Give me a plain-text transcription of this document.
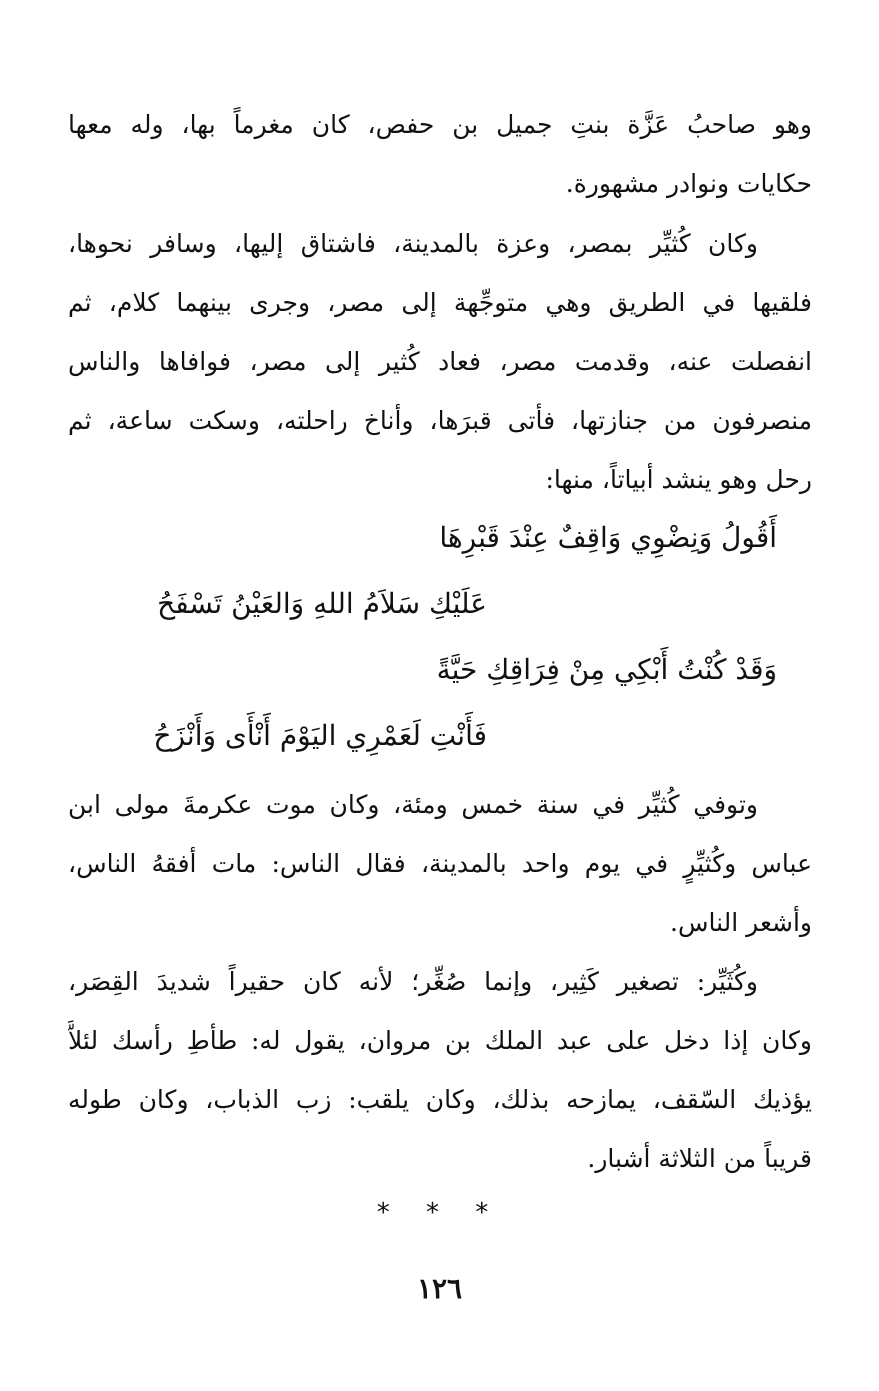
وهو صاحبُ عَزَّة بنتِ جميل بن حفص، كان مغرماً بها، وله معها
حكايات ونوادر مشهورة.
وكان كُثيِّر بمصر، وعزة بالمدينة، فاشتاق إليها، وسافر نحوها،
فلقيها في الطريق وهي متوجِّهة إلى مصر، وجرى بينهما كلام، ثم
انفصلت عنه، وقدمت مصر، فعاد كُثير إلى مصر، فوافاها والناس
منصرفون من جنازتها، فأتى قبرَها، وأناخ راحلته، وسكت ساعة، ثم
رحل وهو ينشد أبياتاً، منها:
أَقُولُ وَنِضْوِي وَاقِفٌ عِنْدَ قَبْرِهَا
عَلَيْكِ سَلاَمُ اللهِ وَالعَيْنُ تَسْفَحُ
وَقَدْ كُنْتُ أَبْكِي مِنْ فِرَاقِكِ حَيَّةً
فَأَنْتِ لَعَمْرِي اليَوْمَ أَنْأَى وَأَنْزَحُ
وتوفي كُثيِّر في سنة خمس ومئة، وكان موت عكرمةَ مولى ابن
عباس وكُثيِّرٍ في يوم واحد بالمدينة، فقال الناس: مات أفقهُ الناس،
وأشعر الناس.
وكُثَيِّر: تصغير كَثِير، وإنما صُغِّر؛ لأنه كان حقيراً شديدَ القِصَر،
وكان إذا دخل على عبد الملك بن مروان، يقول له: طأطِ رأسك لئلاَّ
يؤذيك السّقف، يمازحه بذلك، وكان يلقب: زب الذباب، وكان طوله
قريباً من الثلاثة أشبار.
* * *
١٢٦
